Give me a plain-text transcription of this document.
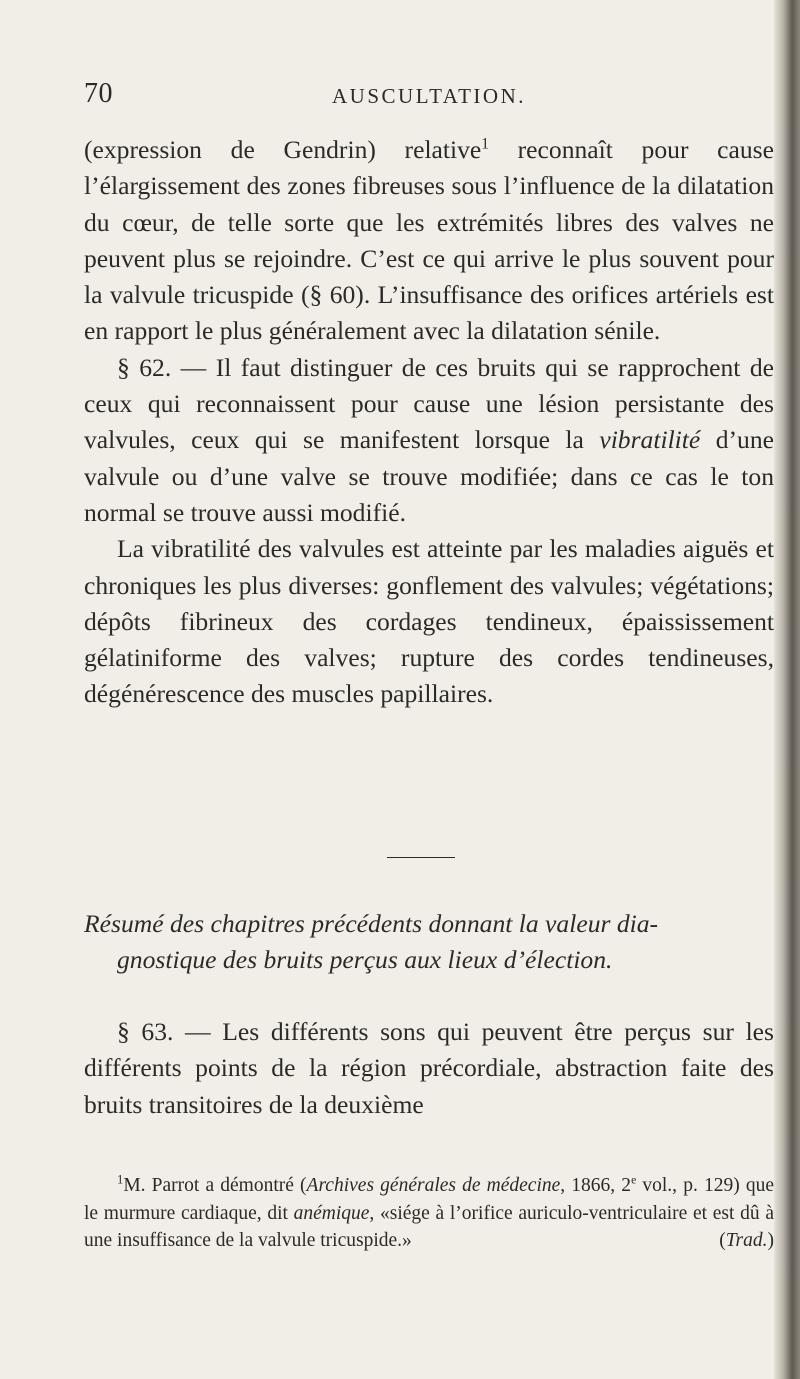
70	AUSCULTATION.

(expression de Gendrin) relative$^1$ reconnaît pour cause l’élargissement des zones fibreuses sous l’influence de la dilatation du cœur, de telle sorte que les extrémités libres des valves ne peuvent plus se rejoindre. C’est ce qui arrive le plus souvent pour la valvule tricuspide (§ 60). L’insuffisance des orifices artériels est en rapport le plus généralement avec la dilatation sénile.

§ 62. — Il faut distinguer de ces bruits qui se rapprochent de ceux qui reconnaissent pour cause une lésion persistante des valvules, ceux qui se manifestent lorsque la vibratilité d’une valvule ou d’une valve se trouve modifiée; dans ce cas le ton normal se trouve aussi modifié.

La vibratilité des valvules est atteinte par les maladies aiguës et chroniques les plus diverses: gonflement des valvules; végétations; dépôts fibrineux des cordages tendineux, épaississement gélatiniforme des valves; rupture des cordes tendineuses, dégénérescence des muscles papillaires.

Résumé des chapitres précédents donnant la valeur dia-
gnostique des bruits perçus aux lieux d’élection.

§ 63. — Les différents sons qui peuvent être perçus sur les différents points de la région précordiale, abstraction faite des bruits transitoires de la deuxième

$^1$M. Parrot a démontré (Archives générales de médecine, 1866, 2e vol., p. 129) que le murmure cardiaque, dit anémique, «siége à l’orifice auriculo-ventriculaire et est dû à une insuffisance de la valvule tricuspide.»	(Trad.)
